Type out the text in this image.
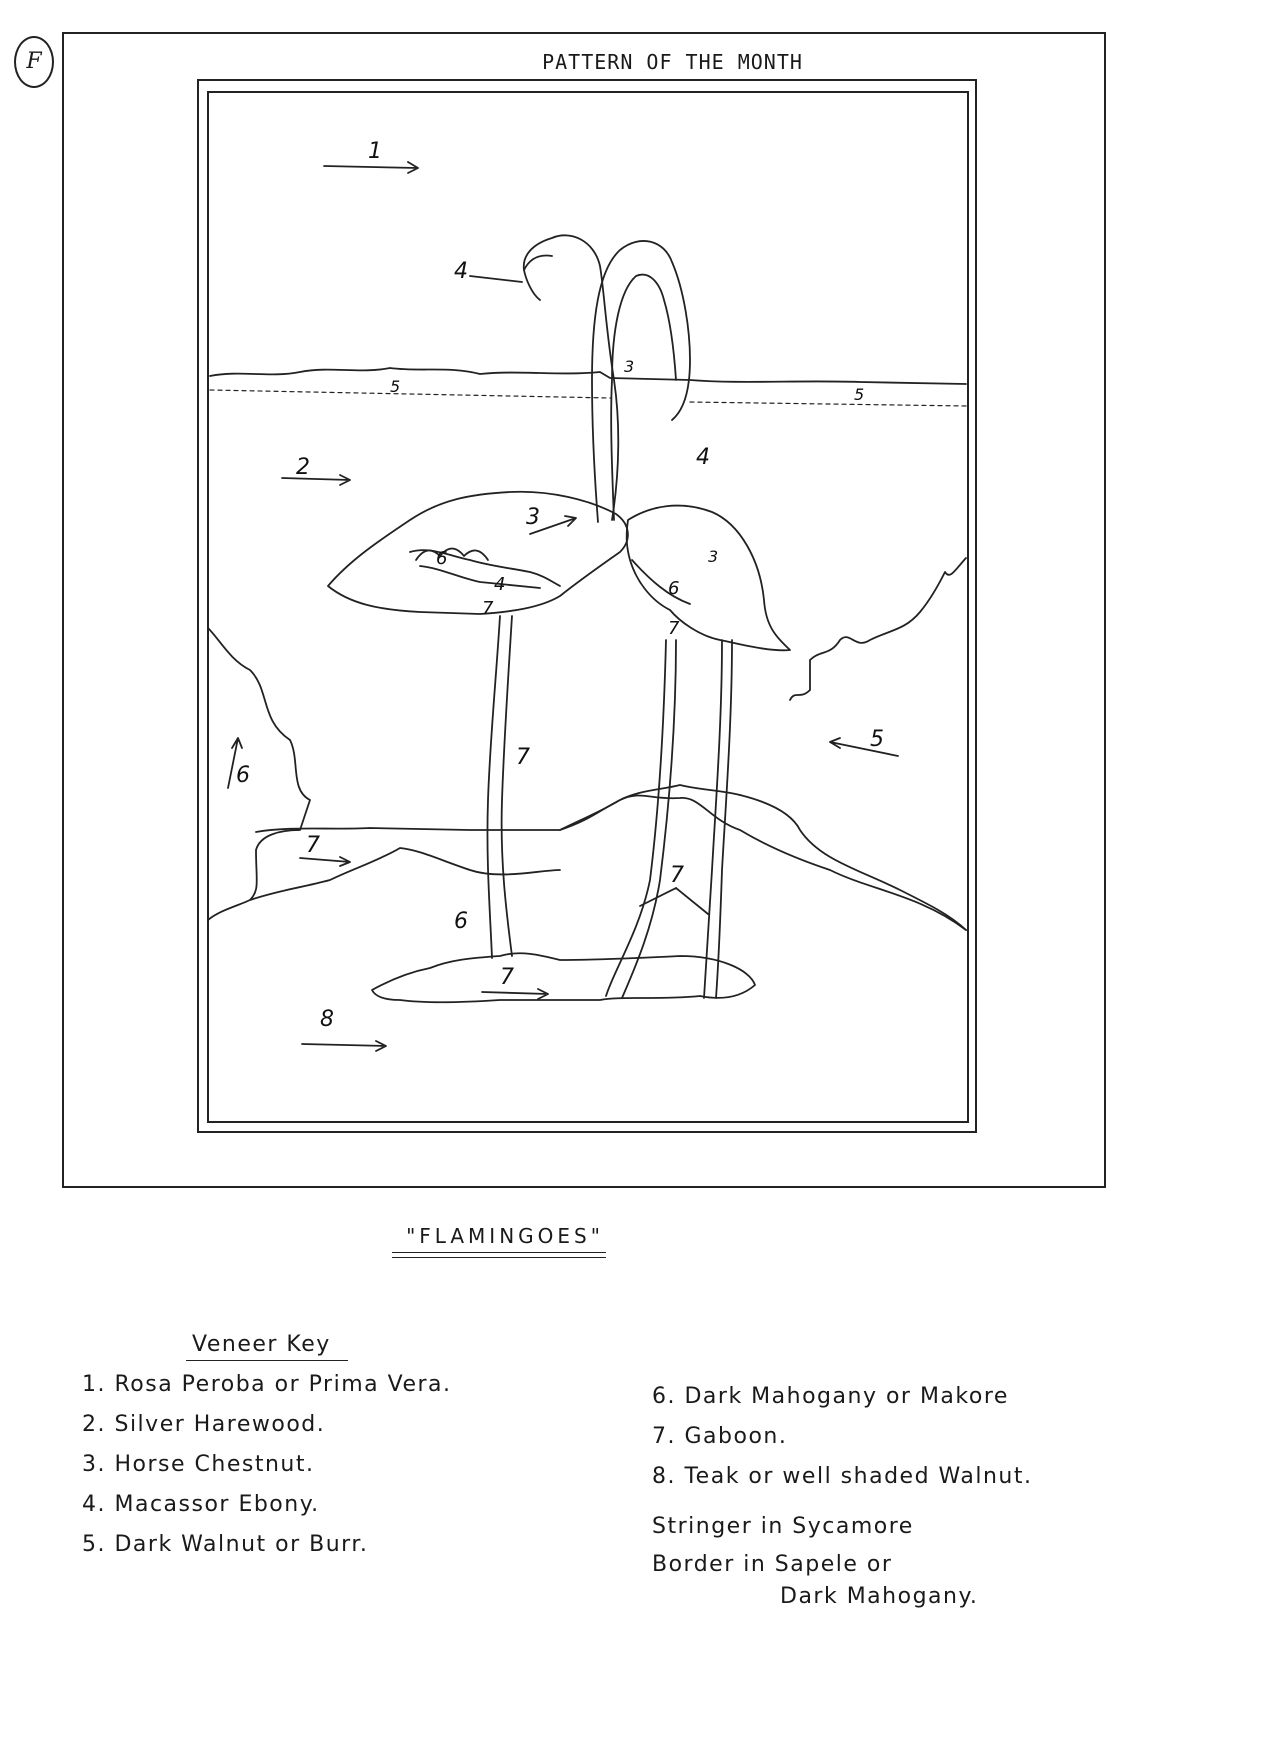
F	PATTERN OF THE MONTH
1
2
3
3
3
4
4
4
5	5
5
6
6
6
6
7
7
7
7
7
7
8
"FLAMINGOES"
Veneer Key
1. Rosa Peroba or Prima Vera.
2. Silver Harewood.
3. Horse Chestnut.
4. Macassor Ebony.
5. Dark Walnut or Burr.
6. Dark Mahogany or Makore
7. Gaboon.
8. Teak or well shaded Walnut.
Stringer in Sycamore
Border in Sapele or
Dark Mahogany.
